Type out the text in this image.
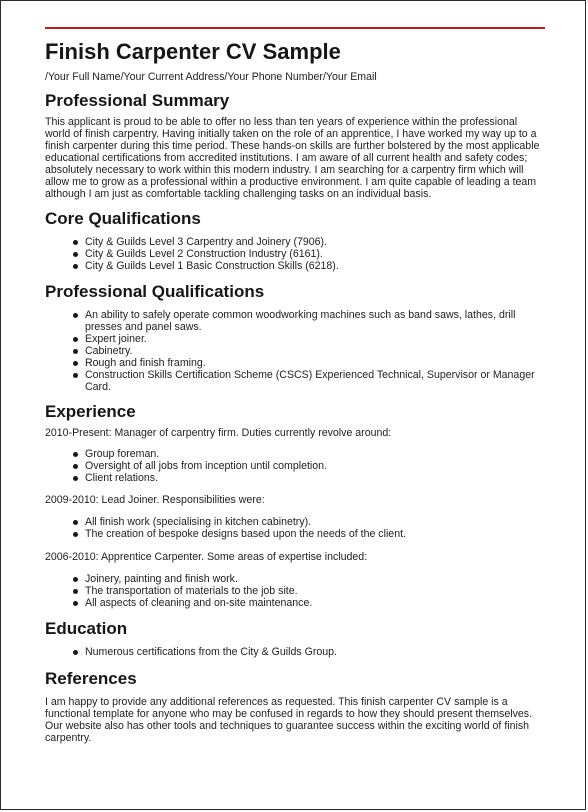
Finish Carpenter CV Sample
/Your Full Name/Your Current Address/Your Phone Number/Your Email
Professional Summary
This applicant is proud to be able to offer no less than ten years of experience within the professional world of finish carpentry. Having initially taken on the role of an apprentice, I have worked my way up to a finish carpenter during this time period. These hands-on skills are further bolstered by the most applicable educational certifications from accredited institutions. I am aware of all current health and safety codes; absolutely necessary to work within this modern industry. I am searching for a carpentry firm which will allow me to grow as a professional within a productive environment. I am quite capable of leading a team although I am just as comfortable tackling challenging tasks on an individual basis.
Core Qualifications
City & Guilds Level 3 Carpentry and Joinery (7906).
City & Guilds Level 2 Construction Industry (6161).
City & Guilds Level 1 Basic Construction Skills (6218).
Professional Qualifications
An ability to safely operate common woodworking machines such as band saws, lathes, drill presses and panel saws.
Expert joiner.
Cabinetry.
Rough and finish framing.
Construction Skills Certification Scheme (CSCS) Experienced Technical, Supervisor or Manager Card.
Experience
2010-Present: Manager of carpentry firm. Duties currently revolve around:
Group foreman.
Oversight of all jobs from inception until completion.
Client relations.
2009-2010: Lead Joiner. Responsibilities were:
All finish work (specialising in kitchen cabinetry).
The creation of bespoke designs based upon the needs of the client.
2006-2010: Apprentice Carpenter. Some areas of expertise included:
Joinery, painting and finish work.
The transportation of materials to the job site.
All aspects of cleaning and on-site maintenance.
Education
Numerous certifications from the City & Guilds Group.
References
I am happy to provide any additional references as requested. This finish carpenter CV sample is a functional template for anyone who may be confused in regards to how they should present themselves. Our website also has other tools and techniques to guarantee success within the exciting world of finish carpentry.
